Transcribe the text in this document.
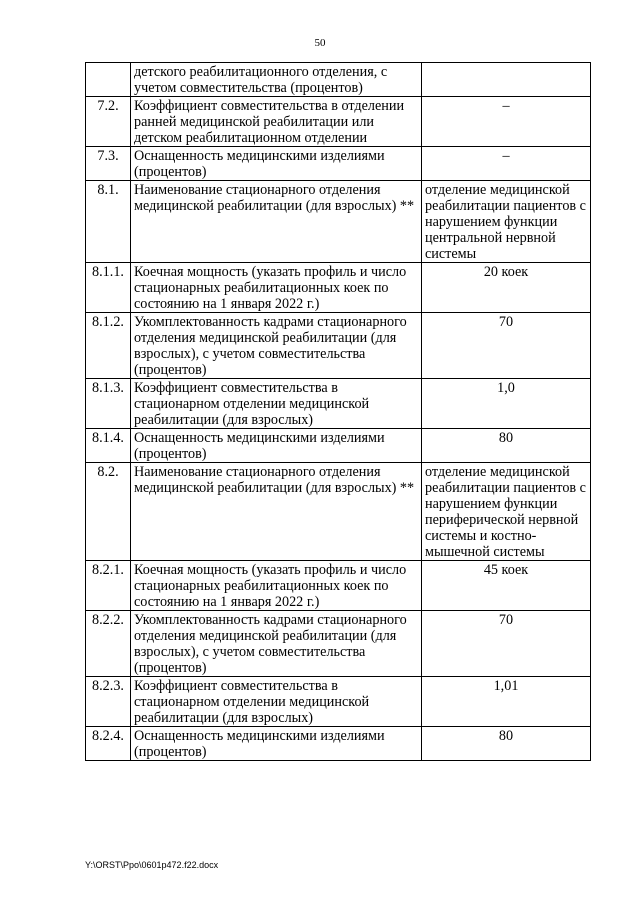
50
	детского реабилитационного отделения, с учетом совместительства (процентов)	
7.2.	Коэффициент совместительства в отделении ранней медицинской реабилитации или детском реабилитационном отделении	–
7.3.	Оснащенность медицинскими изделиями (процентов)	–
8.1.	Наименование стационарного отделения медицинской реабилитации (для взрослых) **	отделение медицинской реабилитации пациентов с нарушением функции центральной нервной системы
8.1.1.	Коечная мощность (указать профиль и число стационарных реабилитационных коек по состоянию на 1 января 2022 г.)	20 коек
8.1.2.	Укомплектованность кадрами стационарного отделения медицинской реабилитации (для взрослых), с учетом совместительства (процентов)	70
8.1.3.	Коэффициент совместительства в стационарном отделении медицинской реабилитации (для взрослых)	1,0
8.1.4.	Оснащенность медицинскими изделиями (процентов)	80
8.2.	Наименование стационарного отделения медицинской реабилитации (для взрослых) **	отделение медицинской реабилитации пациентов с нарушением функции периферической нервной системы и костно-мышечной системы
8.2.1.	Коечная мощность (указать профиль и число стационарных реабилитационных коек по состоянию на 1 января 2022 г.)	45 коек
8.2.2.	Укомплектованность кадрами стационарного отделения медицинской реабилитации (для взрослых), с учетом совместительства (процентов)	70
8.2.3.	Коэффициент совместительства в стационарном отделении медицинской реабилитации (для взрослых)	1,01
8.2.4.	Оснащенность медицинскими изделиями (процентов)	80
Y:\ORST\Ppo\0601p472.f22.docx
